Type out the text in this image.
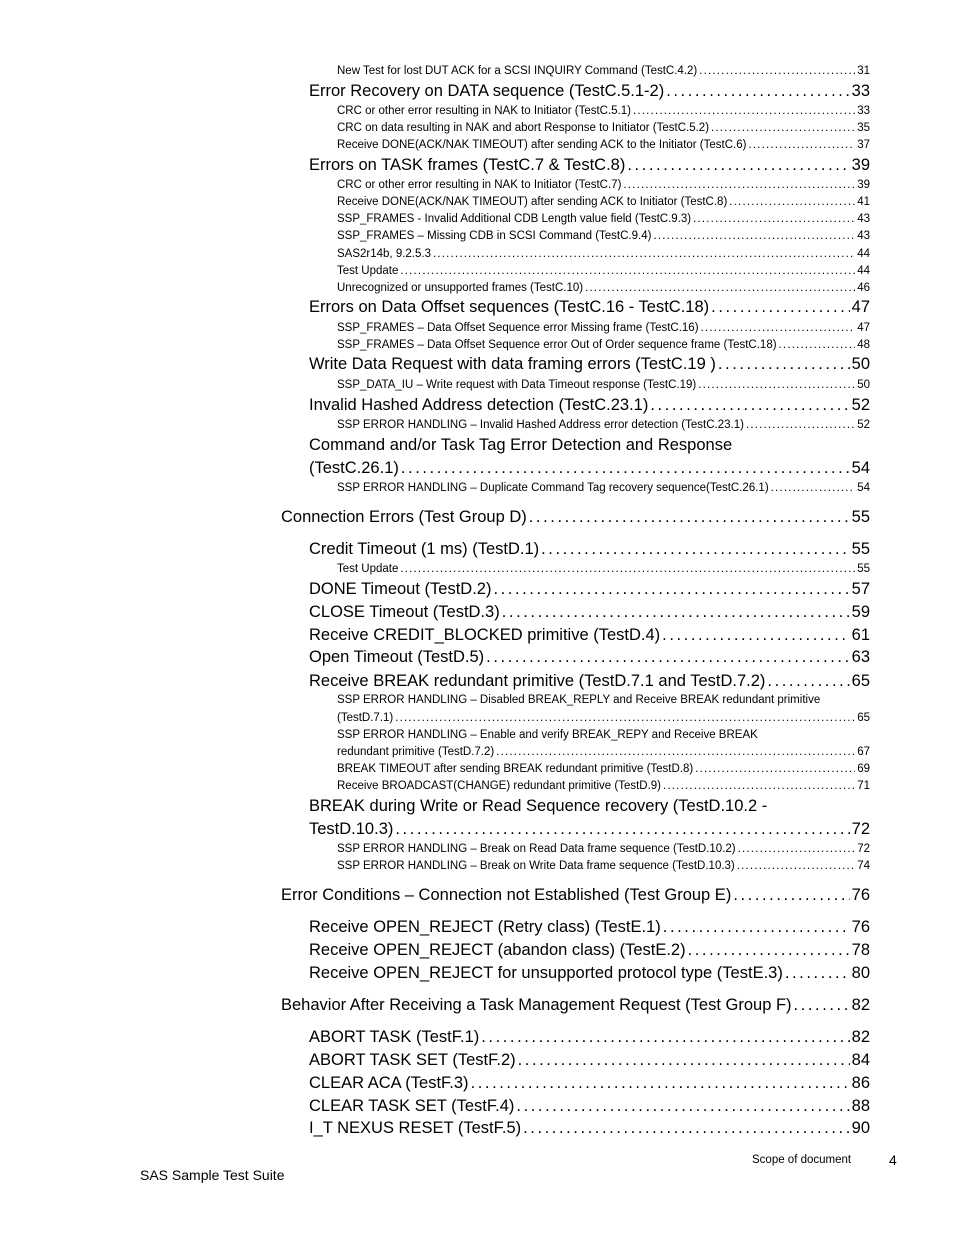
New Test for lost DUT ACK for a SCSI INQUIRY Command (TestC.4.2) . . .	31
Error Recovery on DATA sequence (TestC.5.1-2) . . .	33
CRC or other error resulting in NAK to Initiator (TestC.5.1) . . .	33
CRC on data resulting in NAK and abort Response to Initiator (TestC.5.2) . . .	35
Receive DONE(ACK/NAK TIMEOUT) after sending ACK to the Initiator (TestC.6) . . .	37
Errors on TASK frames (TestC.7 & TestC.8) . . .	39
CRC or other error resulting in NAK to Initiator (TestC.7) . . .	39
Receive DONE(ACK/NAK TIMEOUT) after sending ACK to Initiator (TestC.8) . . .	41
SSP_FRAMES - Invalid Additional CDB Length value field (TestC.9.3) . . .	43
SSP_FRAMES – Missing CDB in SCSI Command (TestC.9.4) . . .	43
SAS2r14b, 9.2.5.3 . . .	44
Test Update . . .	44
Unrecognized or unsupported frames (TestC.10) . . .	46
Errors on Data Offset sequences (TestC.16 - TestC.18) . . .	47
SSP_FRAMES – Data Offset Sequence error Missing frame (TestC.16) . . .	47
SSP_FRAMES – Data Offset Sequence error Out of Order sequence frame (TestC.18) . . .	48
Write Data Request with data framing errors (TestC.19 ) . . .	50
SSP_DATA_IU – Write request with Data Timeout response (TestC.19) . . .	50
Invalid Hashed Address detection (TestC.23.1) . . .	52
SSP ERROR HANDLING – Invalid Hashed Address error detection (TestC.23.1) . . .	52
Command and/or Task Tag Error Detection and Response
(TestC.26.1) . . .	54
SSP ERROR HANDLING – Duplicate Command Tag recovery sequence(TestC.26.1) . . .	54
Connection Errors (Test Group D) . . .	55
Credit Timeout (1 ms) (TestD.1) . . .	55
Test Update . . .	55
DONE Timeout (TestD.2) . . .	57
CLOSE Timeout (TestD.3) . . .	59
Receive CREDIT_BLOCKED primitive (TestD.4) . . .	61
Open Timeout (TestD.5) . . .	63
Receive BREAK redundant primitive (TestD.7.1 and TestD.7.2) . . .	65
SSP ERROR HANDLING – Disabled BREAK_REPLY and Receive BREAK redundant primitive
(TestD.7.1) . . .	65
SSP ERROR HANDLING – Enable and verify BREAK_REPY and Receive BREAK
redundant primitive (TestD.7.2) . . .	67
BREAK TIMEOUT after sending BREAK redundant primitive (TestD.8) . . .	69
Receive BROADCAST(CHANGE) redundant primitive (TestD.9) . . .	71
BREAK during Write or Read Sequence recovery (TestD.10.2 -
TestD.10.3) . . .	72
SSP ERROR HANDLING – Break on Read Data frame sequence (TestD.10.2) . . .	72
SSP ERROR HANDLING – Break on Write Data frame sequence (TestD.10.3) . . .	74
Error Conditions – Connection not Established (Test Group E) . . .	76
Receive OPEN_REJECT (Retry class) (TestE.1) . . .	76
Receive OPEN_REJECT (abandon class) (TestE.2) . . .	78
Receive OPEN_REJECT for unsupported protocol type (TestE.3) . . .	80
Behavior After Receiving a Task Management Request (Test Group F) . . .	82
ABORT TASK (TestF.1) . . .	82
ABORT TASK SET (TestF.2) . . .	84
CLEAR ACA (TestF.3) . . .	86
CLEAR TASK SET (TestF.4) . . .	88
I_T NEXUS RESET (TestF.5) . . .	90
SAS Sample Test Suite
Scope of document	4
